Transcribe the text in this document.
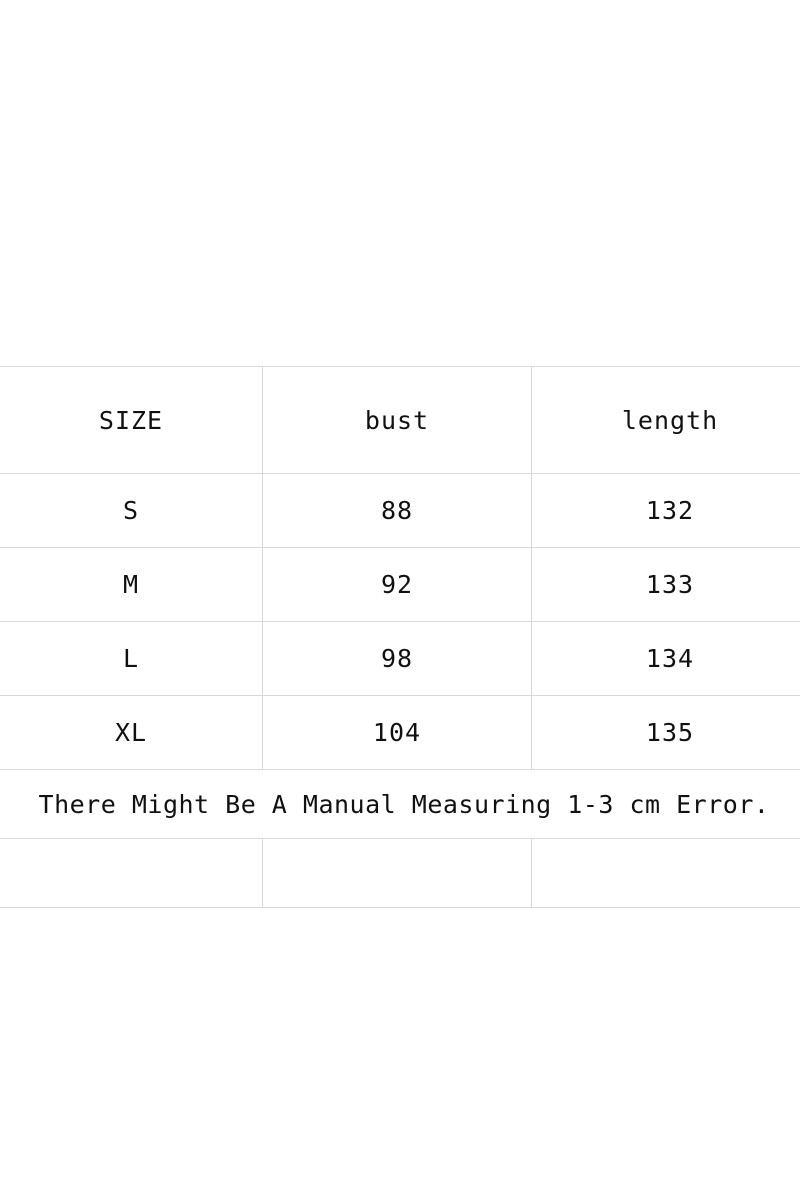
SIZE	bust	length
S	88	132
M	92	133
L	98	134
XL	104	135
There Might Be A Manual Measuring 1-3 cm Error.		
